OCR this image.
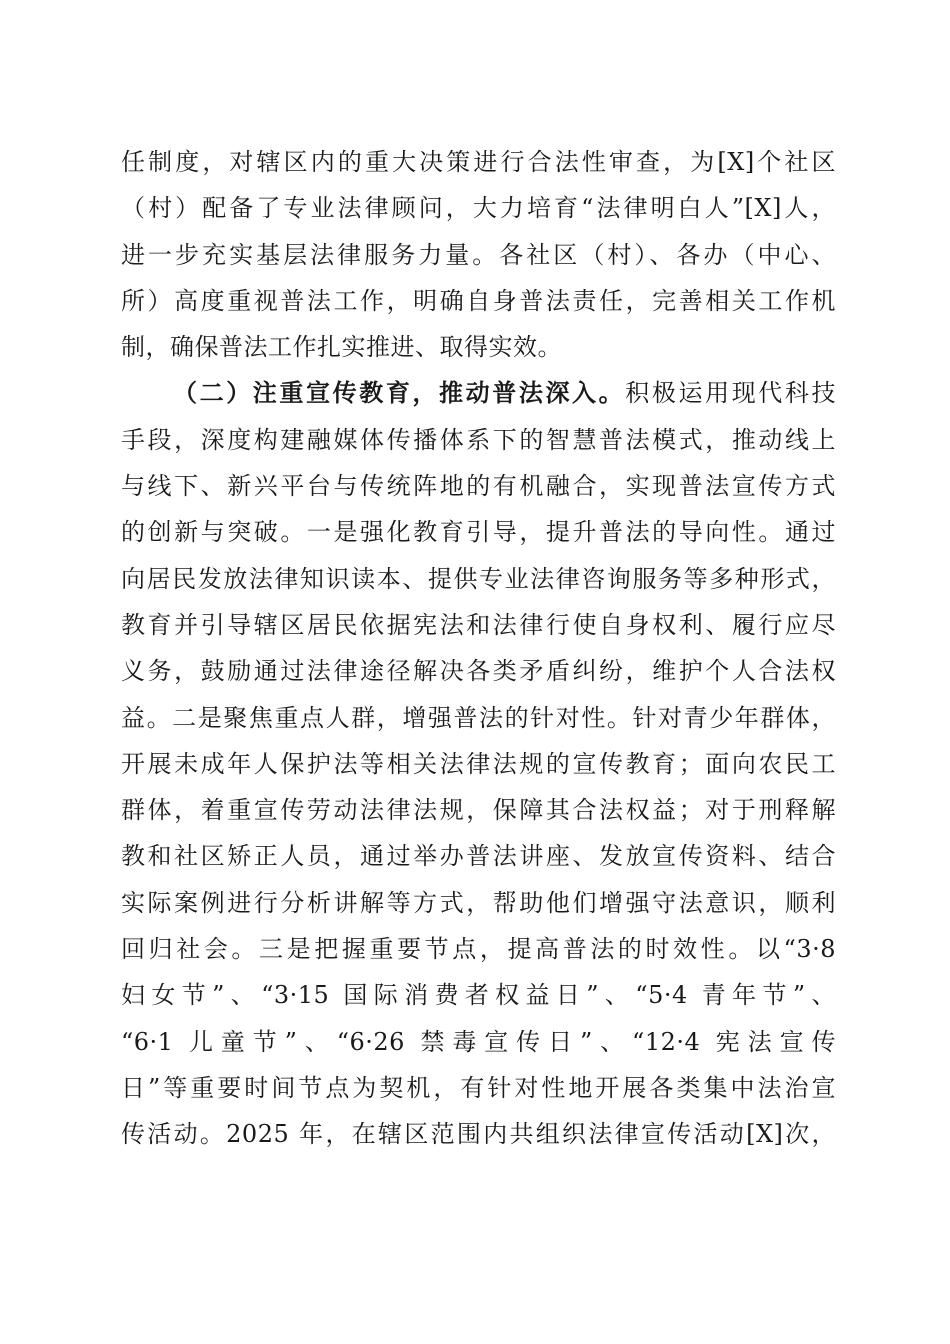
任制度，对辖区内的重大决策进行合法性审查，为[X]个社区
（村）配备了专业法律顾问，大力培育“法律明白人”[X]人，
进一步充实基层法律服务力量。各社区（村）、各办（中心、
所）高度重视普法工作，明确自身普法责任，完善相关工作机
制，确保普法工作扎实推进、取得实效。
（二）注重宣传教育，推动普法深入。积极运用现代科技
手段，深度构建融媒体传播体系下的智慧普法模式，推动线上
与线下、新兴平台与传统阵地的有机融合，实现普法宣传方式
的创新与突破。一是强化教育引导，提升普法的导向性。通过
向居民发放法律知识读本、提供专业法律咨询服务等多种形式，
教育并引导辖区居民依据宪法和法律行使自身权利、履行应尽
义务，鼓励通过法律途径解决各类矛盾纠纷，维护个人合法权
益。二是聚焦重点人群，增强普法的针对性。针对青少年群体，
开展未成年人保护法等相关法律法规的宣传教育；面向农民工
群体，着重宣传劳动法律法规，保障其合法权益；对于刑释解
教和社区矫正人员，通过举办普法讲座、发放宣传资料、结合
实际案例进行分析讲解等方式，帮助他们增强守法意识，顺利
回归社会。三是把握重要节点，提高普法的时效性。以“3·8
妇女节”、“3·15 国际消费者权益日”、“5·4 青年节”、
“6·1 儿童节”、“6·26 禁毒宣传日”、“12·4 宪法宣传
日”等重要时间节点为契机，有针对性地开展各类集中法治宣
传活动。2025 年，在辖区范围内共组织法律宣传活动[X]次，
